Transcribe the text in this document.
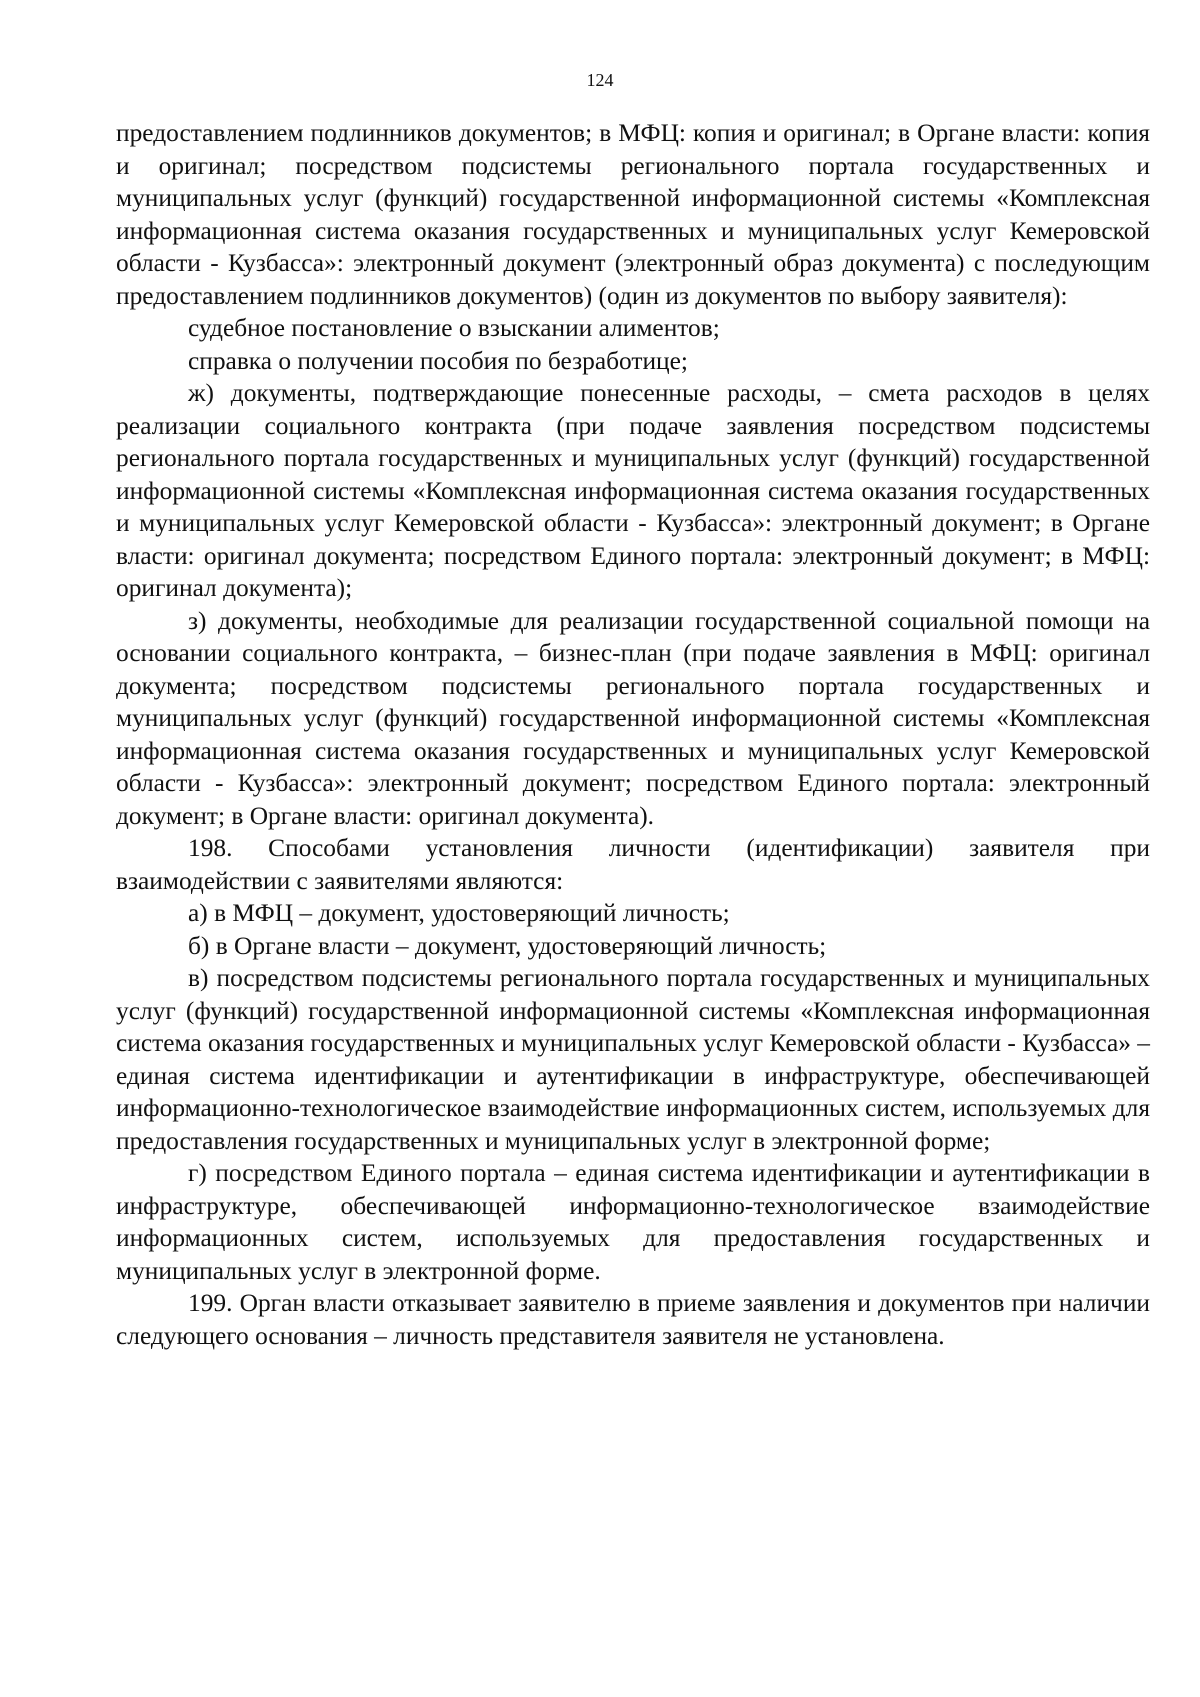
124

предоставлением подлинников документов; в МФЦ: копия и оригинал; в Органе власти: копия и оригинал; посредством подсистемы регионального портала государственных и муниципальных услуг (функций) государственной информационной системы «Комплексная информационная система оказания государственных и муниципальных услуг Кемеровской области - Кузбасса»: электронный документ (электронный образ документа) с последующим предоставлением подлинников документов) (один из документов по выбору заявителя):

судебное постановление о взыскании алиментов;

справка о получении пособия по безработице;

ж) документы, подтверждающие понесенные расходы, – смета расходов в целях реализации социального контракта (при подаче заявления посредством подсистемы регионального портала государственных и муниципальных услуг (функций) государственной информационной системы «Комплексная информационная система оказания государственных и муниципальных услуг Кемеровской области - Кузбасса»: электронный документ; в Органе власти: оригинал документа; посредством Единого портала: электронный документ; в МФЦ: оригинал документа);

з) документы, необходимые для реализации государственной социальной помощи на основании социального контракта, – бизнес-план (при подаче заявления в МФЦ: оригинал документа; посредством подсистемы регионального портала государственных и муниципальных услуг (функций) государственной информационной системы «Комплексная информационная система оказания государственных и муниципальных услуг Кемеровской области - Кузбасса»: электронный документ; посредством Единого портала: электронный документ; в Органе власти: оригинал документа).

198. Способами установления личности (идентификации) заявителя при взаимодействии с заявителями являются:

а) в МФЦ – документ, удостоверяющий личность;

б) в Органе власти – документ, удостоверяющий личность;

в) посредством подсистемы регионального портала государственных и муниципальных услуг (функций) государственной информационной системы «Комплексная информационная система оказания государственных и муниципальных услуг Кемеровской области - Кузбасса» – единая система идентификации и аутентификации в инфраструктуре, обеспечивающей информационно-технологическое взаимодействие информационных систем, используемых для предоставления государственных и муниципальных услуг в электронной форме;

г) посредством Единого портала – единая система идентификации и аутентификации в инфраструктуре, обеспечивающей информационно-технологическое взаимодействие информационных систем, используемых для предоставления государственных и муниципальных услуг в электронной форме.

199. Орган власти отказывает заявителю в приеме заявления и документов при наличии следующего основания – личность представителя заявителя не установлена.
